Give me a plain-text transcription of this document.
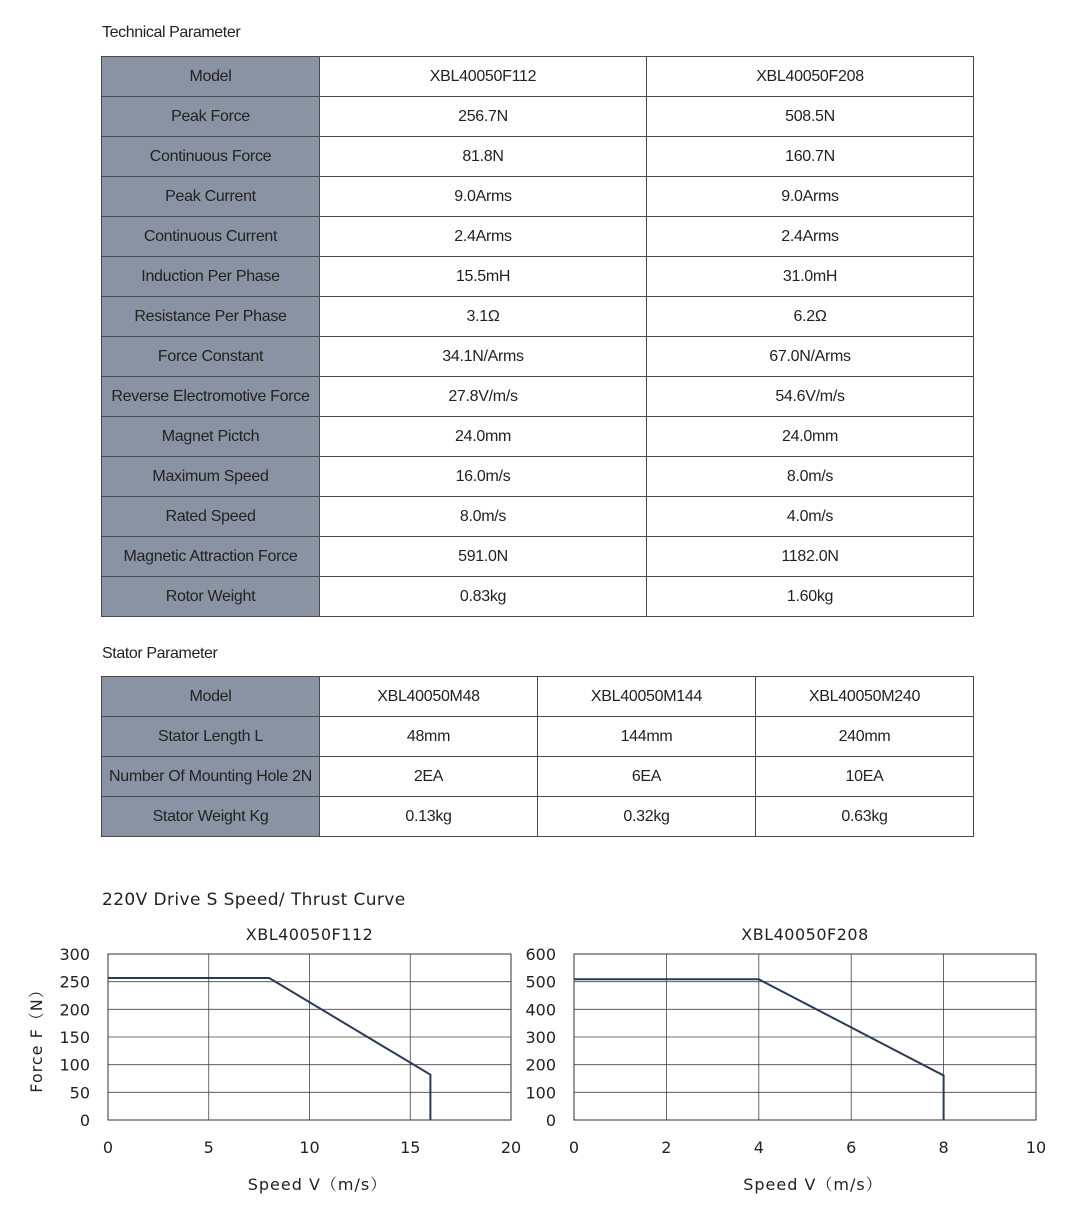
Technical Parameter
Model	XBL40050F112	XBL40050F208
Peak Force	256.7N	508.5N
Continuous Force	81.8N	160.7N
Peak Current	9.0Arms	9.0Arms
Continuous Current	2.4Arms	2.4Arms
Induction Per Phase	15.5mH	31.0mH
Resistance Per Phase	3.1Ω	6.2Ω
Force Constant	34.1N/Arms	67.0N/Arms
Reverse Electromotive Force	27.8V/m/s	54.6V/m/s
Magnet Pictch	24.0mm	24.0mm
Maximum Speed	16.0m/s	8.0m/s
Rated Speed	8.0m/s	4.0m/s
Magnetic Attraction Force	591.0N	1182.0N
Rotor Weight	0.83kg	1.60kg
Stator Parameter
Model	XBL40050M48	XBL40050M144	XBL40050M240
Stator Length L	48mm	144mm	240mm
Number Of Mounting Hole 2N	2EA	6EA	10EA
Stator Weight Kg	0.13kg	0.32kg	0.63kg
220V Drive S Speed/ Thrust Curve
XBL40050F112
0
50
100
150
200
250
300
0	5	10	15	20
Speed V（m/s）
Force F（N）
XBL40050F208
0
100
200
300
400
500
600
0	2	4	6	8	10
Speed V（m/s）
